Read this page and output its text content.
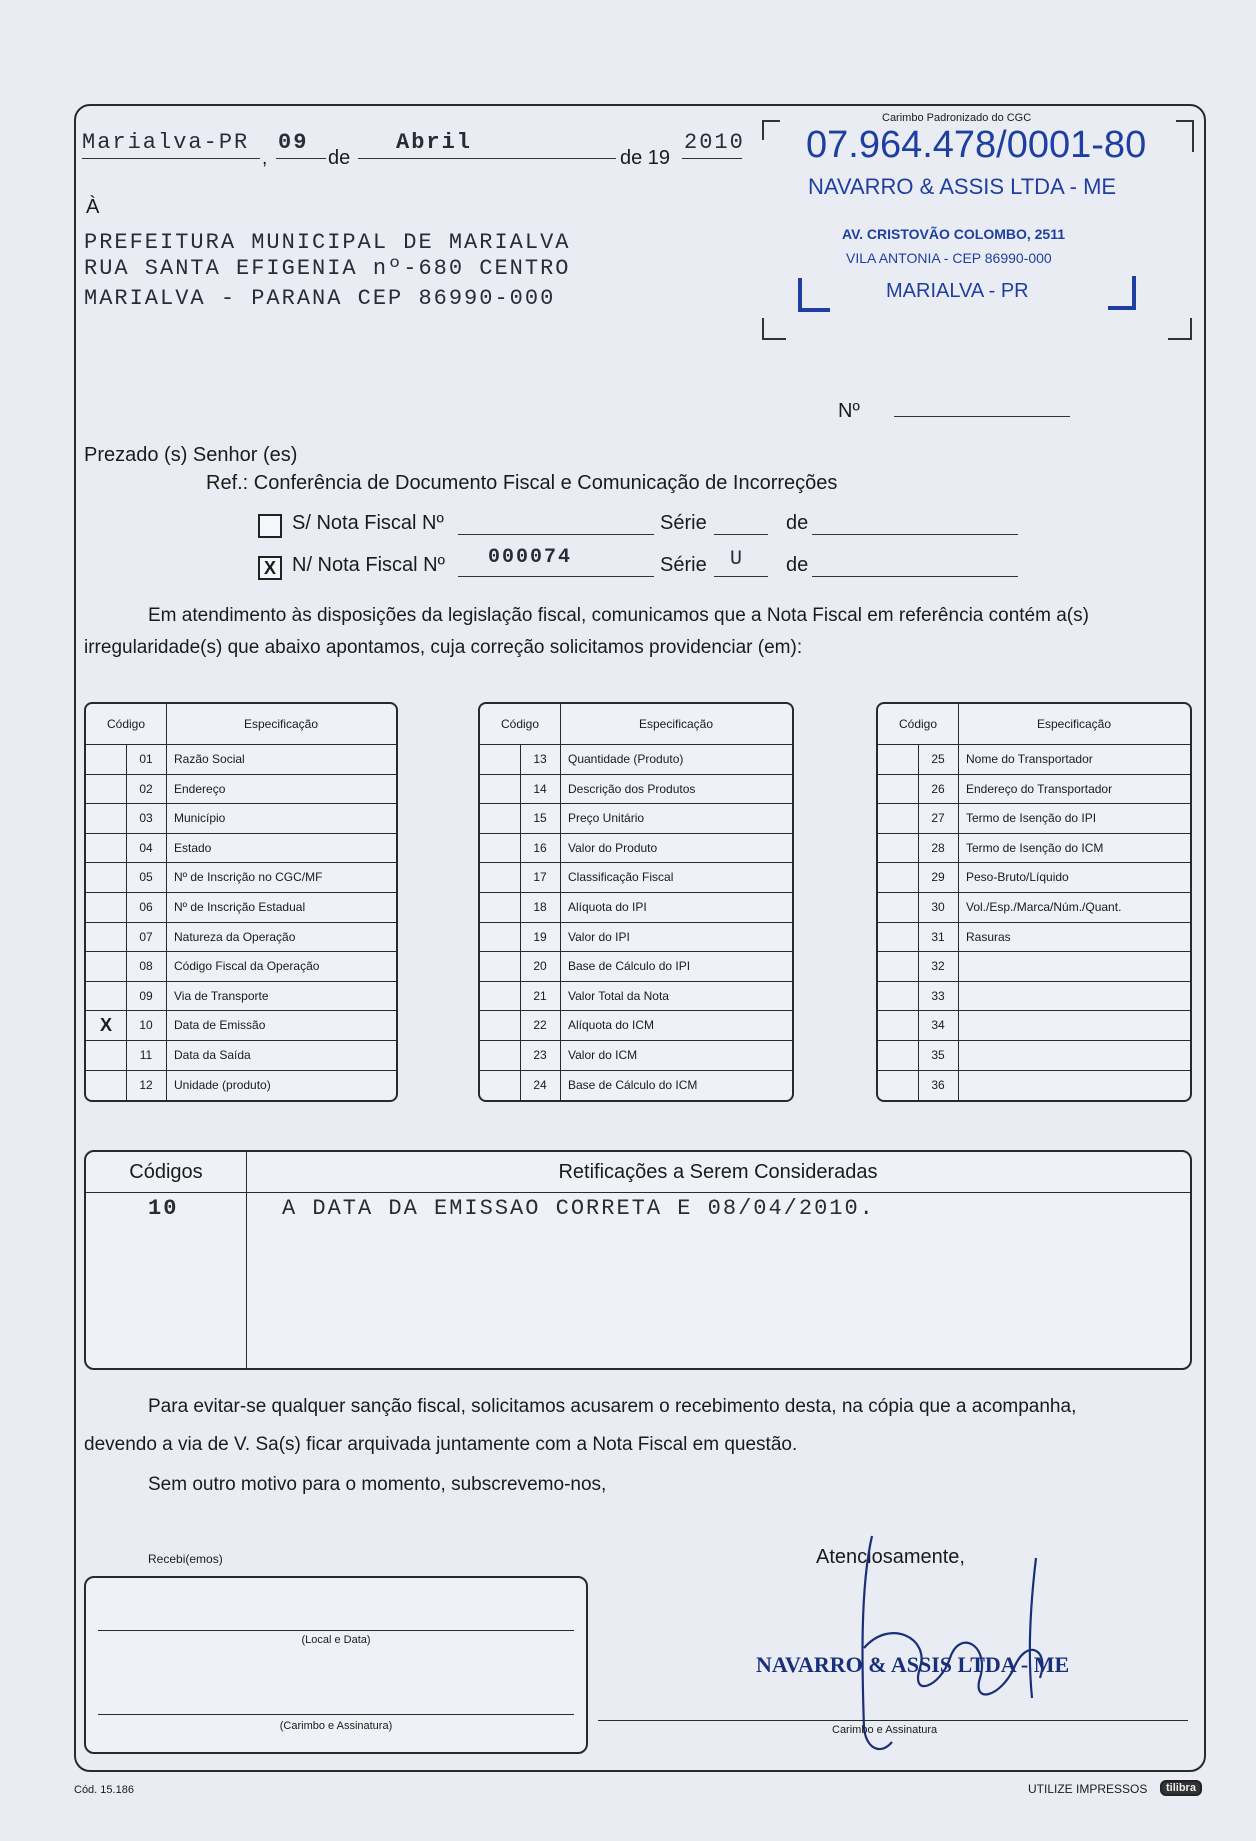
Marialva-PR
,
09
de
Abril
de 19
2010
À
PREFEITURA MUNICIPAL DE MARIALVA
RUA SANTA EFIGENIA nº-680 CENTRO
MARIALVA - PARANA CEP 86990-000
Carimbo Padronizado do CGC
07.964.478/0001-80
NAVARRO & ASSIS LTDA - ME
AV. CRISTOVÃO COLOMBO, 2511
VILA ANTONIA - CEP 86990-000
MARIALVA - PR
Nº
Prezado (s) Senhor (es)
Ref.: Conferência de Documento Fiscal e Comunicação de Incorreções
S/ Nota Fiscal Nº	Série	de
X N/ Nota Fiscal Nº 000074	Série U de
Em atendimento às disposições da legislação fiscal, comunicamos que a Nota Fiscal em referência contém a(s) irregularidade(s) que abaixo apontamos, cuja correção solicitamos providenciar (em):
Código	Especificação
01	Razão Social
02	Endereço
03	Município
04	Estado
05	Nº de Inscrição no CGC/MF
06	Nº de Inscrição Estadual
07	Natureza da Operação
08	Código Fiscal da Operação
09	Via de Transporte
X	10	Data de Emissão
11	Data da Saída
12	Unidade (produto)
Código	Especificação
13	Quantidade (Produto)
14	Descrição dos Produtos
15	Preço Unitário
16	Valor do Produto
17	Classificação Fiscal
18	Alíquota do IPI
19	Valor do IPI
20	Base de Cálculo do IPI
21	Valor Total da Nota
22	Alíquota do ICM
23	Valor do ICM
24	Base de Cálculo do ICM
Código	Especificação
25	Nome do Transportador
26	Endereço do Transportador
27	Termo de Isenção do IPI
28	Termo de Isenção do ICM
29	Peso-Bruto/Líquido
30	Vol./Esp./Marca/Núm./Quant.
31	Rasuras
32
33
34
35
36
Códigos	Retificações a Serem Consideradas
10	A DATA DA EMISSAO CORRETA E 08/04/2010.
Para evitar-se qualquer sanção fiscal, solicitamos acusarem o recebimento desta, na cópia que a acompanha,
devendo a via de V. Sa(s) ficar arquivada juntamente com a Nota Fiscal em questão.
Sem outro motivo para o momento, subscrevemo-nos,
Recebi(emos)
(Local e Data)
(Carimbo e Assinatura)
Atenciosamente,
NAVARRO & ASSIS LTDA - ME
Carimbo e Assinatura
Cód. 15.186	UTILIZE IMPRESSOS	tilibra
